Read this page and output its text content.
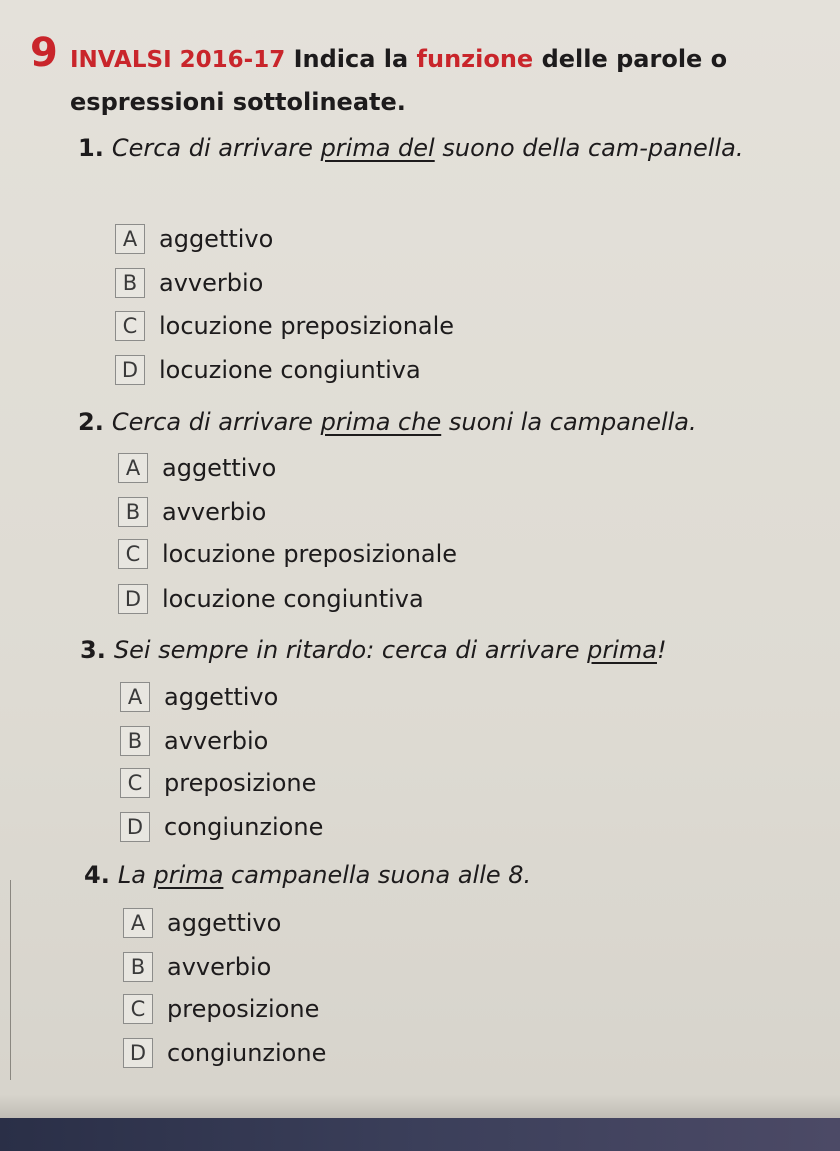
9 INVALSI 2016-17 Indica la funzione delle parole o espressioni sottolineate.
1. Cerca di arrivare prima del suono della cam-panella.
A aggettivo
B avverbio
C locuzione preposizionale
D locuzione congiuntiva
2. Cerca di arrivare prima che suoni la campanella.
A aggettivo
B avverbio
C locuzione preposizionale
D locuzione congiuntiva
3. Sei sempre in ritardo: cerca di arrivare prima!
A aggettivo
B avverbio
C preposizione
D congiunzione
4. La prima campanella suona alle 8.
A aggettivo
B avverbio
C preposizione
D congiunzione
